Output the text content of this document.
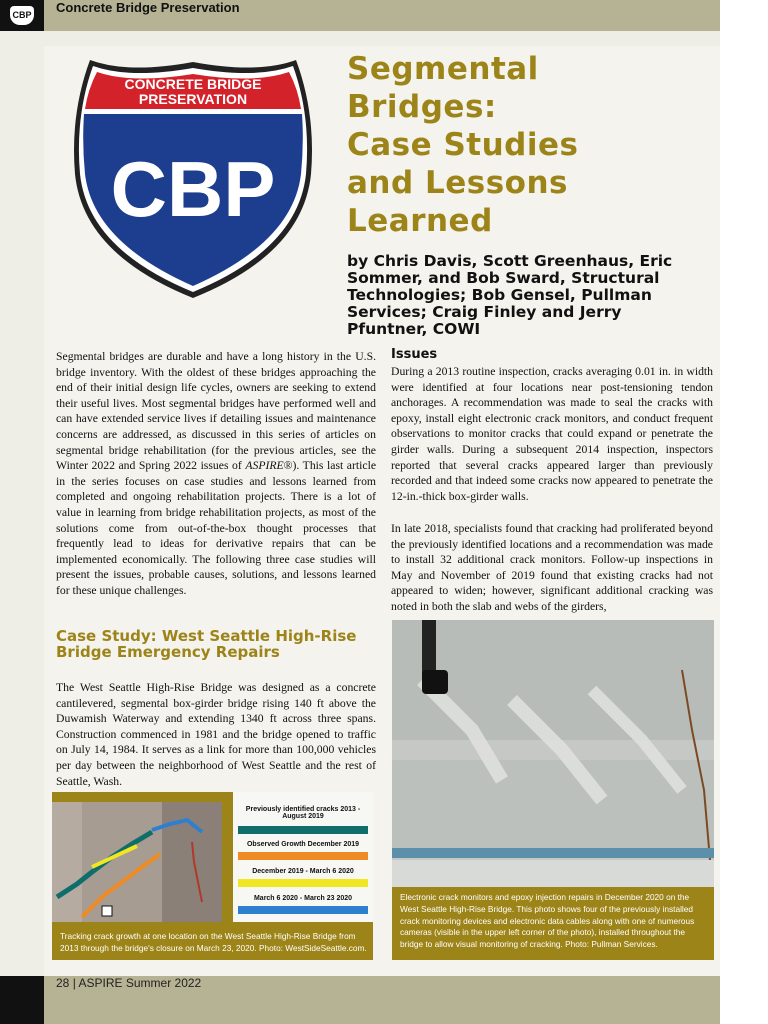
CBP Concrete Bridge Preservation
CONCRETE BRIDGE
PRESERVATION
CBP
Segmental
Bridges:
Case Studies
and Lessons
Learned

by Chris Davis, Scott Greenhaus, Eric Sommer, and Bob Sward, Structural Technologies; Bob Gensel, Pullman Services; Craig Finley and Jerry Pfuntner, COWI

Segmental bridges are durable and have a long history in the U.S. bridge inventory. With the oldest of these bridges approaching the end of their initial design life cycles, owners are seeking to extend their useful lives. Most segmental bridges have performed well and can have extended service lives if detailing issues and maintenance concerns are addressed, as discussed in this series of articles on segmental bridge rehabilitation (for the previous articles, see the Winter 2022 and Spring 2022 issues of ASPIRE®). This last article in the series focuses on case studies and lessons learned from completed and ongoing rehabilitation projects. There is a lot of value in learning from bridge rehabilitation projects, as most of the solutions come from out-of-the-box thought processes that frequently lead to ideas for derivative repairs that can be implemented economically. The following three case studies will present the issues, probable causes, solutions, and lessons learned for these unique challenges.

Case Study: West Seattle High-Rise Bridge Emergency Repairs

The West Seattle High-Rise Bridge was designed as a concrete cantilevered, segmental box-girder bridge rising 140 ft above the Duwamish Waterway and extending 1340 ft across three spans. Construction commenced in 1981 and the bridge opened to traffic on July 14, 1984. It serves as a link for more than 100,000 vehicles per day between the neighborhood of West Seattle and the rest of Seattle, Wash.

Issues

During a 2013 routine inspection, cracks averaging 0.01 in. in width were identified at four locations near post-tensioning tendon anchorages. A recommendation was made to seal the cracks with epoxy, install eight electronic crack monitors, and conduct frequent observations to monitor cracks that could expand or penetrate the girder walls. During a subsequent 2014 inspection, inspectors reported that several cracks appeared larger than previously recorded and that indeed some cracks now appeared to penetrate the 12-in.-thick box-girder walls.

In late 2018, specialists found that cracking had proliferated beyond the previously identified locations and a recommendation was made to install 32 additional crack monitors. Follow-up inspections in May and November of 2019 found that existing cracks had not appeared to widen; however, significant additional cracking was noted in both the slab and webs of the girders,

Previously identified cracks 2013 - August 2019
Observed Growth December 2019
December 2019 - March 6 2020
March 6 2020 - March 23 2020
Tracking crack growth at one location on the West Seattle High-Rise Bridge from 2013 through the bridge's closure on March 23, 2020. Photo: WestSideSeattle.com.
Electronic crack monitors and epoxy injection repairs in December 2020 on the West Seattle High-Rise Bridge. This photo shows four of the previously installed crack monitoring devices and electronic data cables along with one of numerous cameras (visible in the upper left corner of the photo), installed throughout the bridge to allow visual monitoring of cracking. Photo: Pullman Services.
28 | ASPIRE Summer 2022
